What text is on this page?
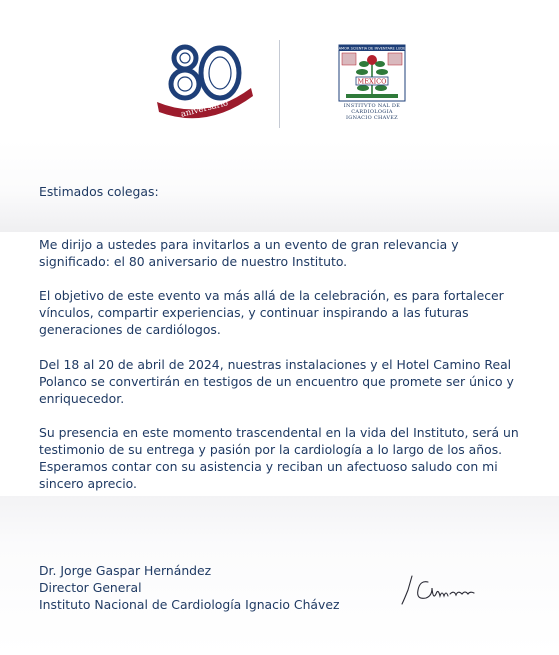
aniversario
AMOR SCIENTIA DE INVENTARE LUDE
MEXICO
INSTITVTO NAL DE
CARDIOLOGIA
IGNACIO CHAVEZ

Estimados colegas:

Me dirijo a ustedes para invitarlos a un evento de gran relevancia y significado: el 80 aniversario de nuestro Instituto.

El objetivo de este evento va más allá de la celebración, es para fortalecer vínculos, compartir experiencias, y continuar inspirando a las futuras generaciones de cardiólogos.

Del 18 al 20 de abril de 2024, nuestras instalaciones y el Hotel Camino Real Polanco se convertirán en testigos de un encuentro que promete ser único y enriquecedor.

Su presencia en este momento trascendental en la vida del Instituto, será un testimonio de su entrega y pasión por la cardiología a lo largo de los años. Esperamos contar con su asistencia y reciban un afectuoso saludo con mi sincero aprecio.

Dr. Jorge Gaspar Hernández
Director General
Instituto Nacional de Cardiología Ignacio Chávez
